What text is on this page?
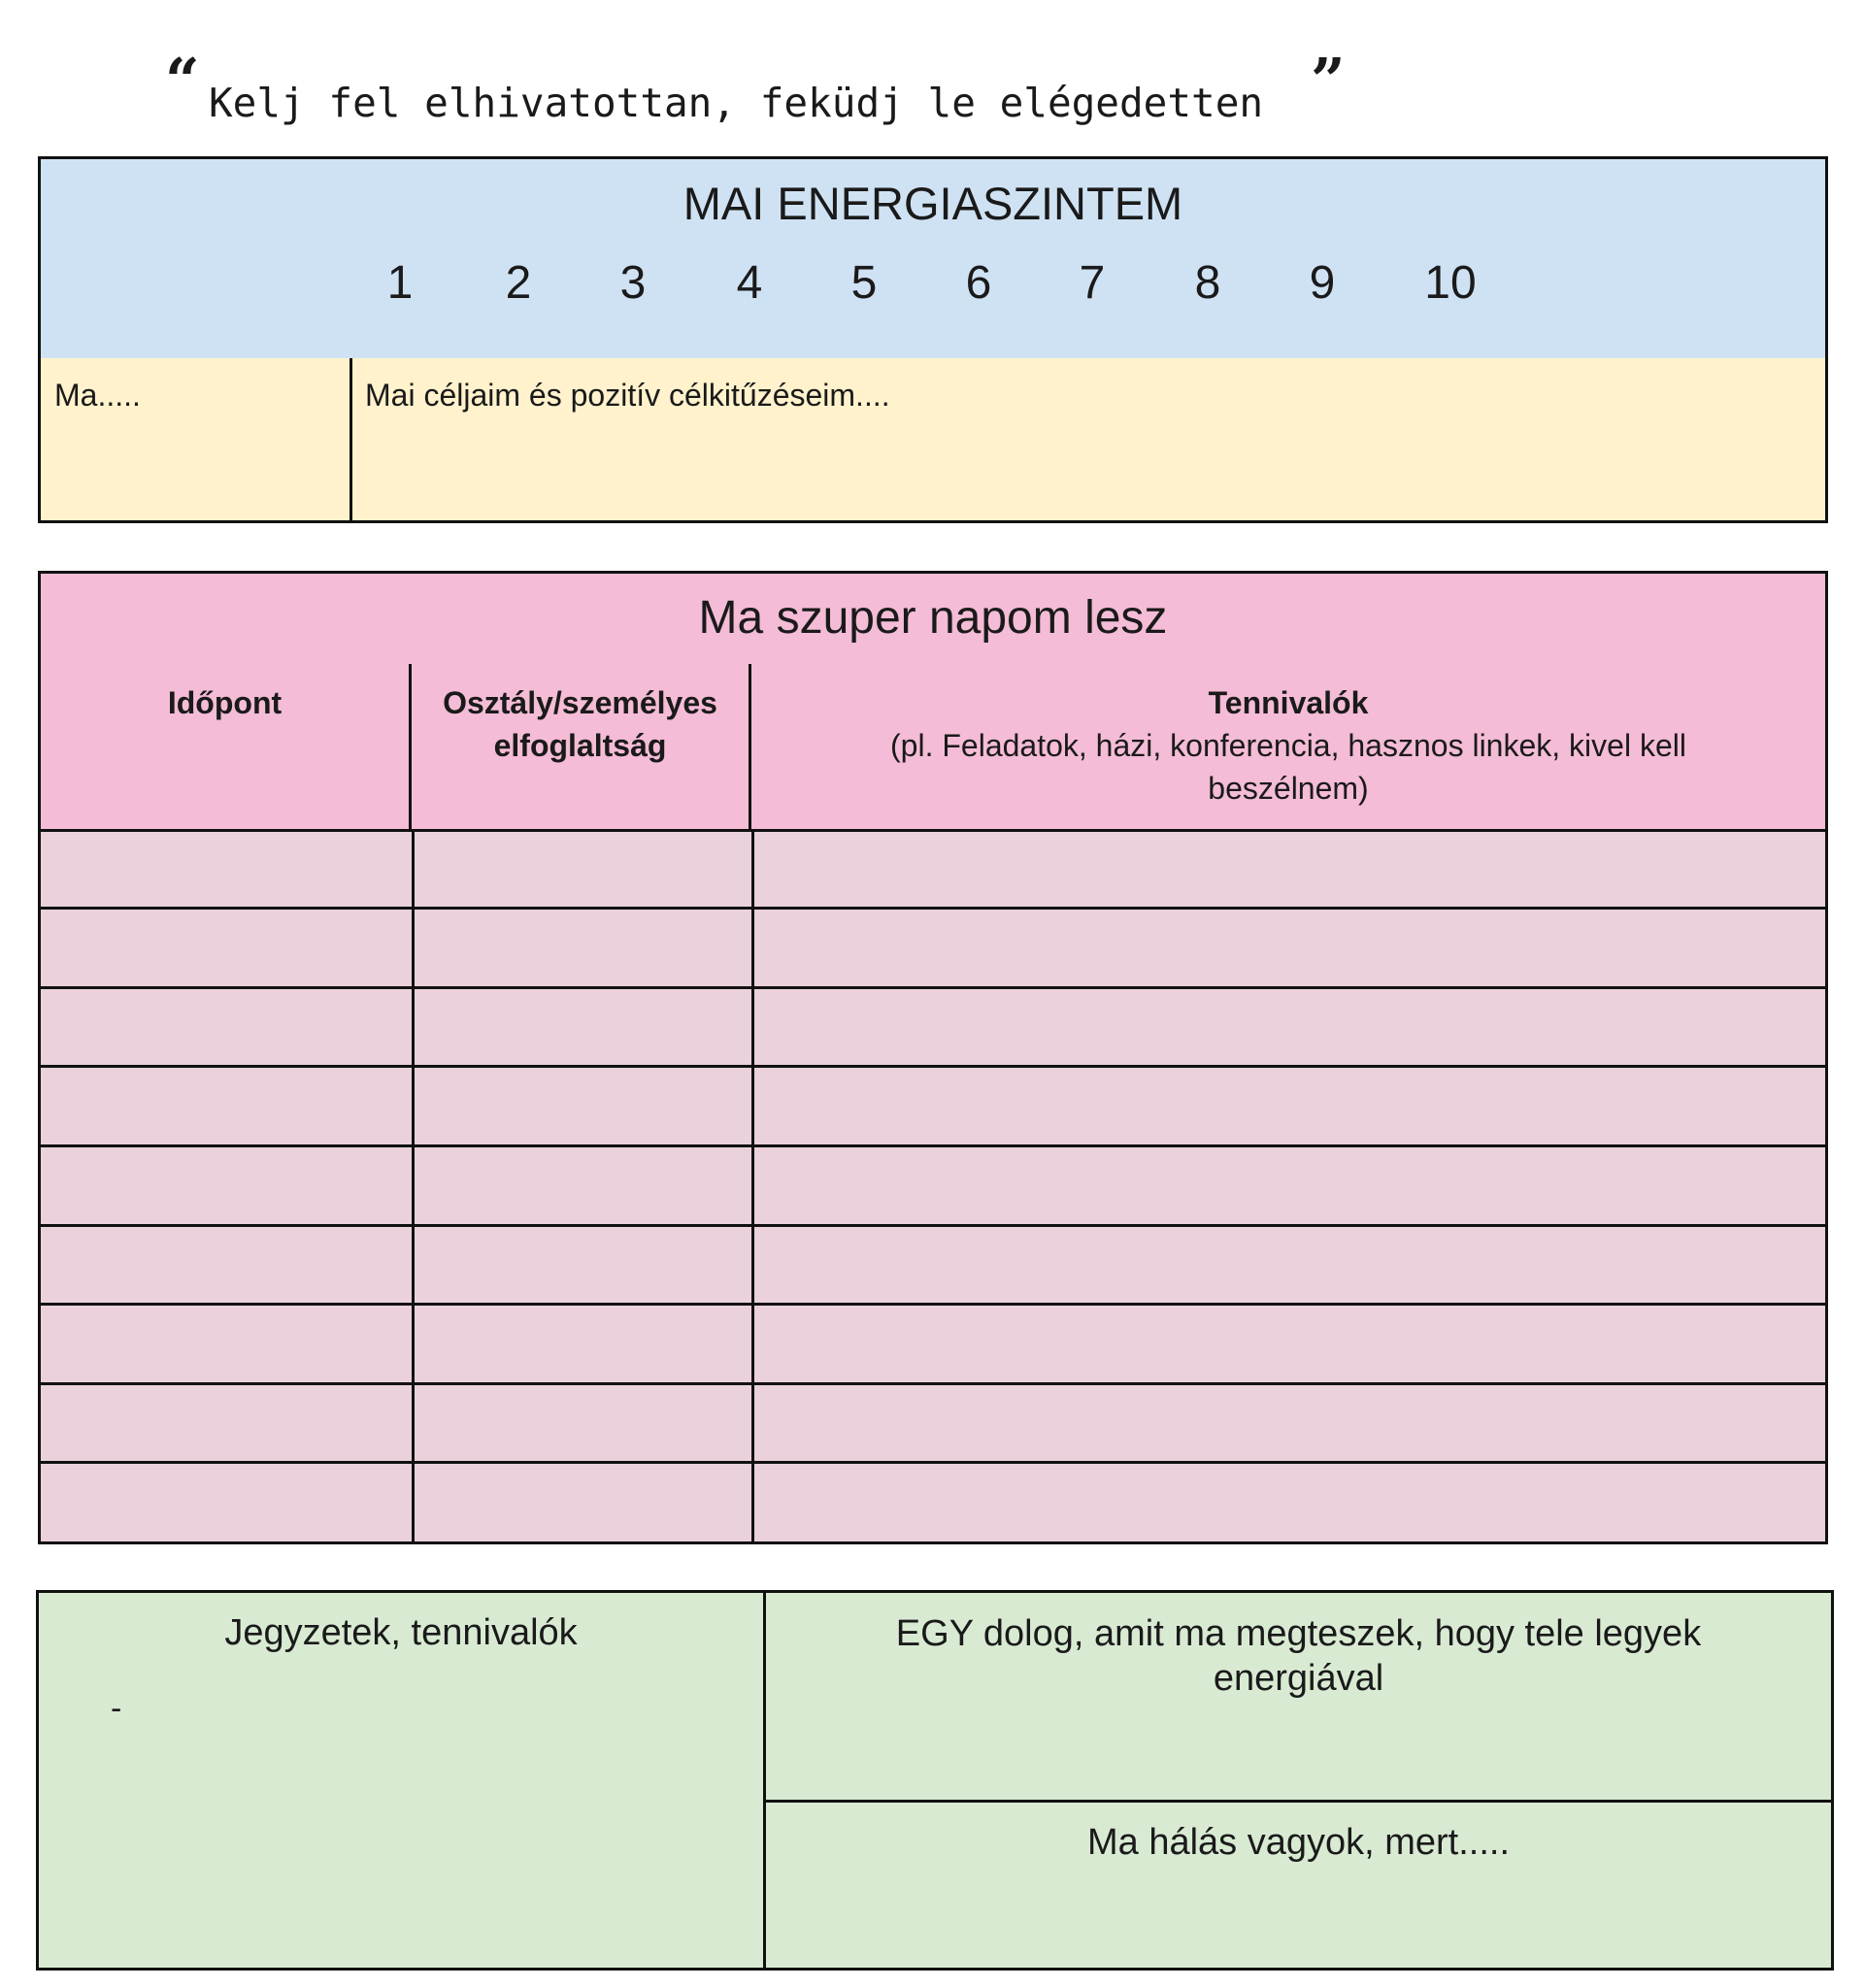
“ Kelj fel elhivatottan, feküdj le elégedetten ”
MAI ENERGIASZINTEM
1 2 3 4 5 6 7 8 9 10
Ma.....	Mai céljaim és pozitív célkitűzéseim....
Ma szuper napom lesz
Időpont	Osztály/személyes
elfoglaltság
Tennivalók
(pl. Feladatok, házi, konferencia, hasznos linkek, kivel kell beszélnem)
Jegyzetek, tennivalók
-
EGY dolog, amit ma megteszek, hogy tele legyek energiával
Ma hálás vagyok, mert.....
